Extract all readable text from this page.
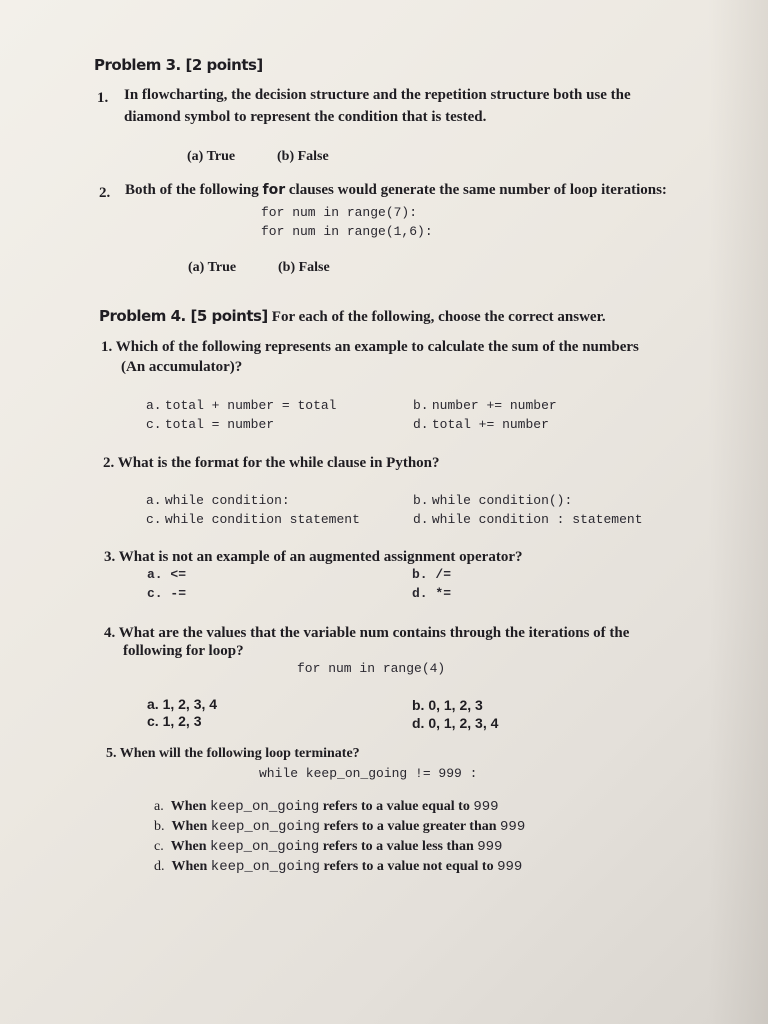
Problem 3. [2 points]
1. In flowcharting, the decision structure and the repetition structure both use the
diamond symbol to represent the condition that is tested.
(a) True	(b) False
2. Both of the following for clauses would generate the same number of loop iterations:
for num in range(7):
for num in range(1,6):
(a) True	(b) False
Problem 4. [5 points] For each of the following, choose the correct answer.
1. Which of the following represents an example to calculate the sum of the numbers
(An accumulator)?
a. total + number = total	b. number += number
c. total = number	d. total += number
2. What is the format for the while clause in Python?
a. while condition:	b. while condition():
c. while condition statement	d. while condition : statement
3. What is not an example of an augmented assignment operator?
a. <=	b. /=
c. -=	d. *=
4. What are the values that the variable num contains through the iterations of the
following for loop?
for num in range(4)
a. 1, 2, 3, 4	b. 0, 1, 2, 3
c. 1, 2, 3	d. 0, 1, 2, 3, 4
5. When will the following loop terminate?
while keep_on_going != 999 :
a. When keep_on_going refers to a value equal to 999
b. When keep_on_going refers to a value greater than 999
c. When keep_on_going refers to a value less than 999
d. When keep_on_going refers to a value not equal to 999
